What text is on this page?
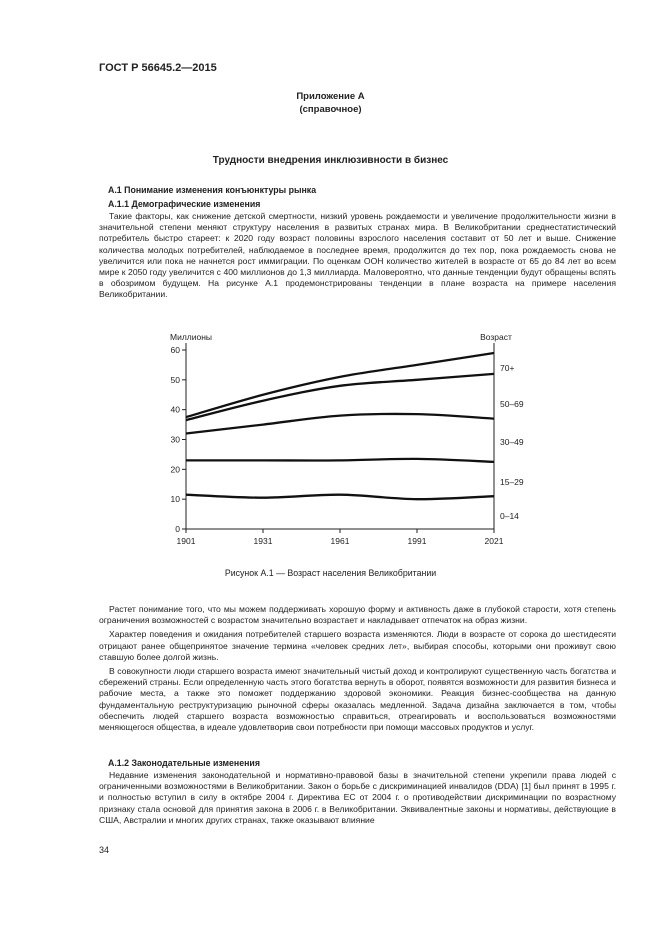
ГОСТ Р 56645.2—2015
Приложение А
(справочное)
Трудности внедрения инклюзивности в бизнес
А.1 Понимание изменения конъюнктуры рынка
А.1.1 Демографические изменения

Такие факторы, как снижение детской смертности, низкий уровень рождаемости и увеличение продолжительности жизни в значительной степени меняют структуру населения в развитых странах мира. В Великобритании среднестатистический потребитель быстро стареет: к 2020 году возраст половины взрослого населения составит от 50 лет и выше. Снижение количества молодых потребителей, наблюдаемое в последнее время, продолжится до тех пор, пока рождаемость снова не увеличится или пока не начнется рост иммиграции. По оценкам ООН количество жителей в возрасте от 65 до 84 лет во всем мире к 2050 году увеличится с 400 миллионов до 1,3 миллиарда. Маловероятно, что данные тенденции будут обращены вспять в обозримом будущем. На рисунке А.1 продемонстрированы тенденции в плане возраста на примере населения Великобритании.

0
10
20
30
40
50
60
1901	1931	1961	1991	2021
Миллионы	Возраст
70+
50–69
30–49
15–29
0–14
Рисунок А.1 — Возраст населения Великобритании

Растет понимание того, что мы можем поддерживать хорошую форму и активность даже в глубокой старости, хотя степень ограничения возможностей с возрастом значительно возрастает и накладывает отпечаток на образ жизни.

Характер поведения и ожидания потребителей старшего возраста изменяются. Люди в возрасте от сорока до шестидесяти отрицают ранее общепринятое значение термина «человек средних лет», выбирая способы, которыми они проживут свою ставшую более долгой жизнь.

В совокупности люди старшего возраста имеют значительный чистый доход и контролируют существенную часть богатства и сбережений страны. Если определенную часть этого богатства вернуть в оборот, появятся возможности для развития бизнеса и рабочие места, а также это поможет поддержанию здоровой экономики. Реакция бизнес-сообщества на данную фундаментальную реструктуризацию рыночной сферы оказалась медленной. Задача дизайна заключается в том, чтобы обеспечить людей старшего возраста возможностью справиться, отреагировать и воспользоваться возможностями меняющегося общества, в идеале удовлетворив свои потребности при помощи массовых продуктов и услуг.

А.1.2 Законодательные изменения

Недавние изменения законодательной и нормативно-правовой базы в значительной степени укрепили права людей с ограниченными возможностями в Великобритании. Закон о борьбе с дискриминацией инвалидов (DDA) [1] был принят в 1995 г. и полностью вступил в силу в октябре 2004 г. Директива ЕС от 2004 г. о противодействии дискриминации по возрастному признаку стала основой для принятия закона в 2006 г. в Великобритании. Эквивалентные законы и нормативы, действующие в США, Австралии и многих других странах, также оказывают влияние

34
